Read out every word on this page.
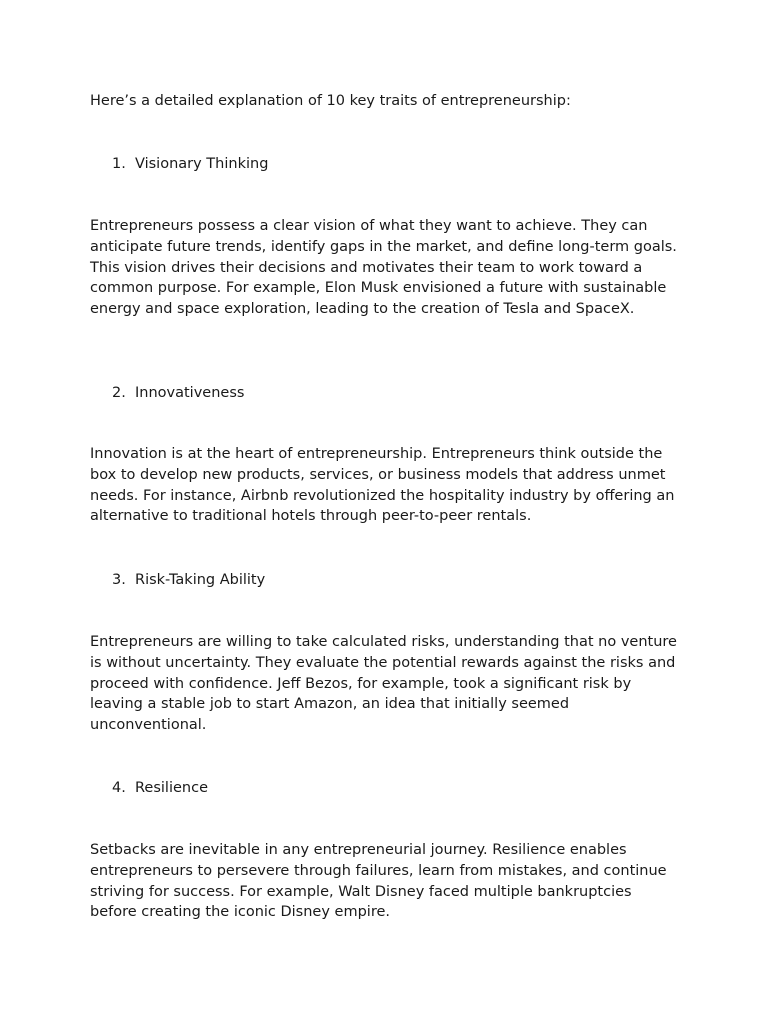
Here’s a detailed explanation of 10 key traits of entrepreneurship:

1. Visionary Thinking

Entrepreneurs possess a clear vision of what they want to achieve. They can anticipate future trends, identify gaps in the market, and define long-term goals. This vision drives their decisions and motivates their team to work toward a common purpose. For example, Elon Musk envisioned a future with sustainable energy and space exploration, leading to the creation of Tesla and SpaceX.

2. Innovativeness

Innovation is at the heart of entrepreneurship. Entrepreneurs think outside the box to develop new products, services, or business models that address unmet needs. For instance, Airbnb revolutionized the hospitality industry by offering an alternative to traditional hotels through peer-to-peer rentals.

3. Risk-Taking Ability

Entrepreneurs are willing to take calculated risks, understanding that no venture is without uncertainty. They evaluate the potential rewards against the risks and proceed with confidence. Jeff Bezos, for example, took a significant risk by leaving a stable job to start Amazon, an idea that initially seemed unconventional.

4. Resilience

Setbacks are inevitable in any entrepreneurial journey. Resilience enables entrepreneurs to persevere through failures, learn from mistakes, and continue striving for success. For example, Walt Disney faced multiple bankruptcies before creating the iconic Disney empire.
